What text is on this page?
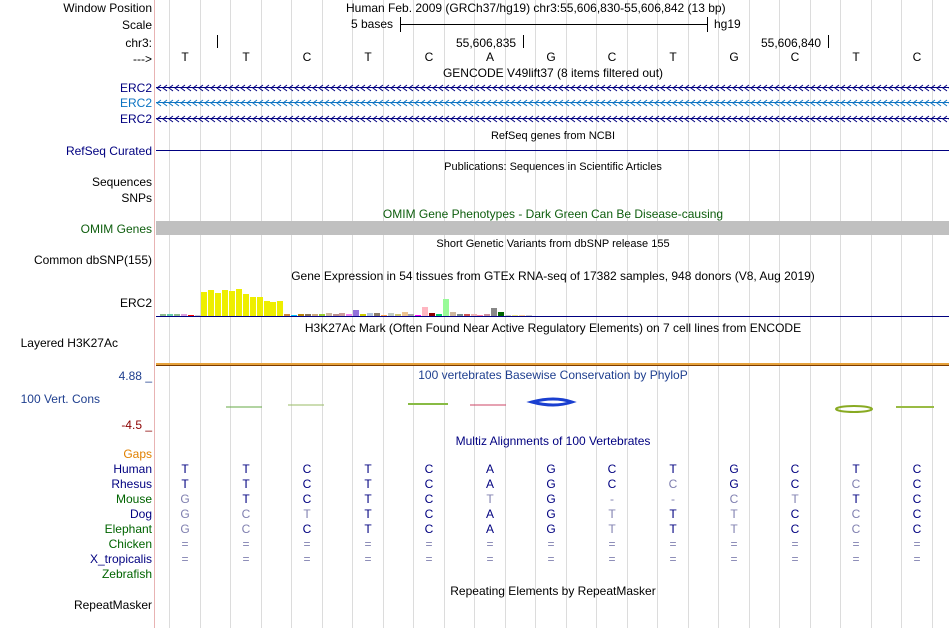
Window Position	Human Feb. 2009 (GRCh37/hg19) chr3:55,606,830-55,606,842 (13 bp)
Scale	5 bases	hg19
chr3:	55,606,835	55,606,840
--->	T	T	C	T	C	A	G	C	T	G	C	T	C
GENCODE V49lift37 (8 items filtered out)
ERC2
ERC2
ERC2
RefSeq genes from NCBI
RefSeq Curated
Publications: Sequences in Scientific Articles
Sequences
SNPs
OMIM Gene Phenotypes - Dark Green Can Be Disease-causing
OMIM Genes
Short Genetic Variants from dbSNP release 155
Common dbSNP(155)
Gene Expression in 54 tissues from GTEx RNA-seq of 17382 samples, 948 donors (V8, Aug 2019)
ERC2
H3K27Ac Mark (Often Found Near Active Regulatory Elements) on 7 cell lines from ENCODE
Layered H3K27Ac
100 vertebrates Basewise Conservation by PhyloP
4.88 _
100 Vert. Cons
-4.5 _
Multiz Alignments of 100 Vertebrates
Gaps
Human	T	T	C	T	C	A	G	C	T	G	C	T	C
Rhesus	T	T	C	T	C	A	G	C	C	G	C	C	C
Mouse G	T	C	T	C	T	G	-	-	C	T	T	C
Dog G	C	T	T	C	A	G	T	T	T	C	C	C
Elephant G	C	C	T	C	A	G	T	T	T	C	C	C
Chicken	=	=	=	=	=	=	=	=	=	=	=	=	=
X_tropicalis	=	=	=	=	=	=	=	=	=	=	=	=	=
Zebrafish
Repeating Elements by RepeatMasker
RepeatMasker
